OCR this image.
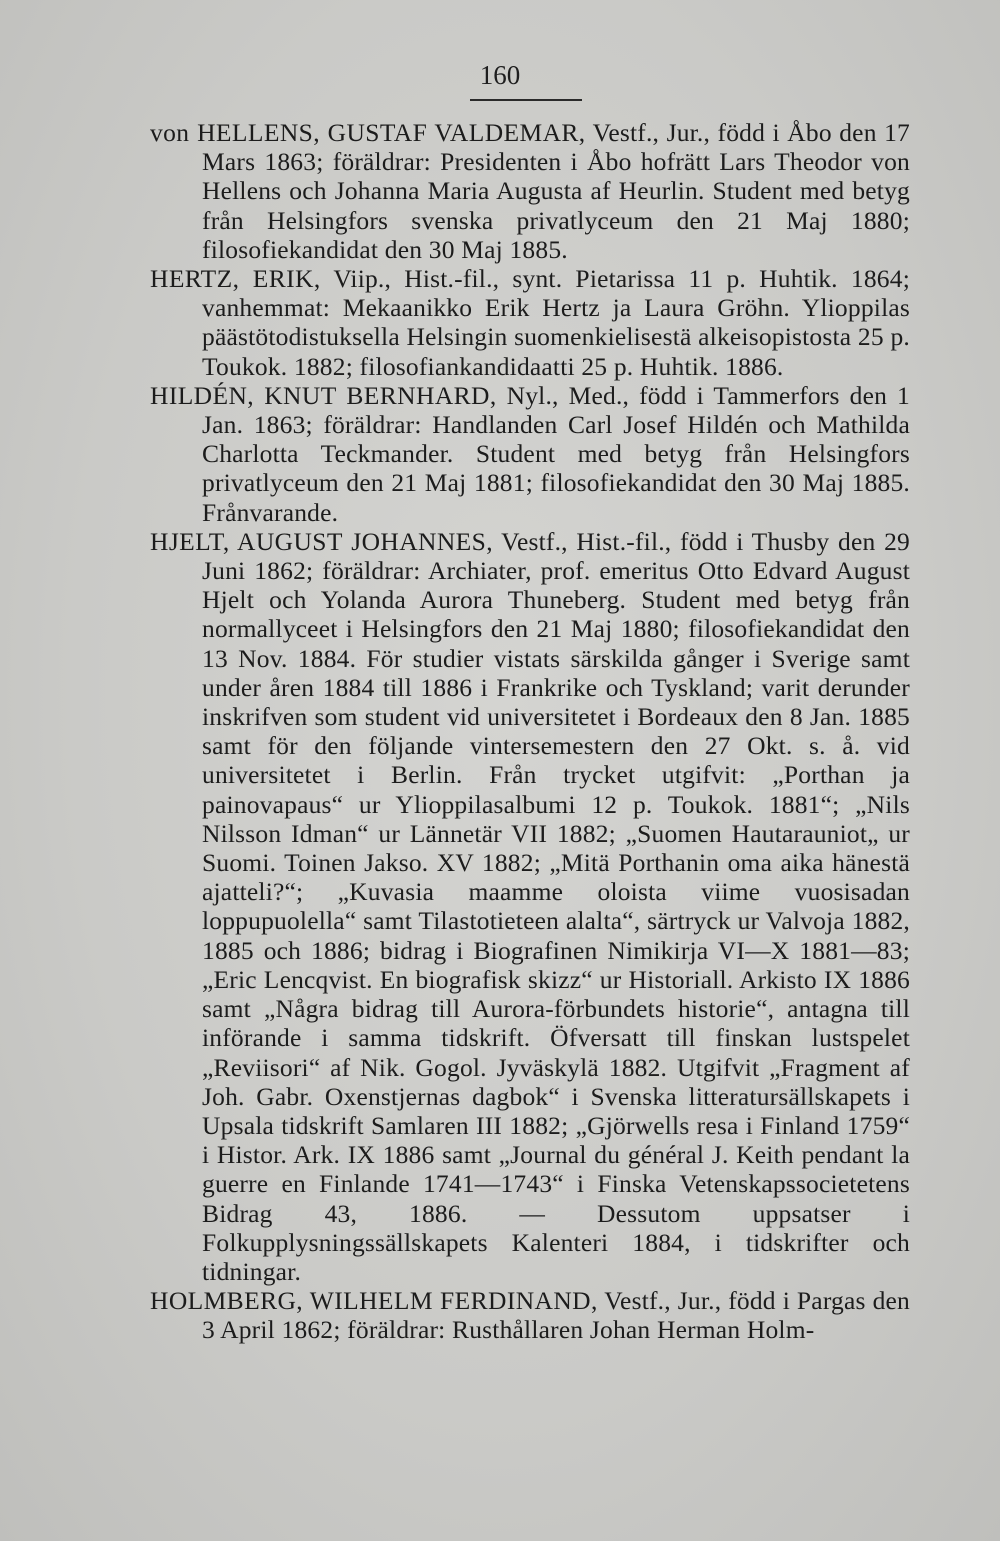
160

von HELLENS, GUSTAF VALDEMAR, Vestf., Jur., född i Åbo den 17 Mars 1863; föräldrar: Presidenten i Åbo hofrätt Lars Theodor von Hellens och Johanna Maria Augusta af Heurlin. Student med betyg från Helsingfors svenska privatlyceum den 21 Maj 1880; filosofiekandidat den 30 Maj 1885.

HERTZ, ERIK, Viip., Hist.-fil., synt. Pietarissa 11 p. Huhtik. 1864; vanhemmat: Mekaanikko Erik Hertz ja Laura Gröhn. Ylioppilas päästötodistuksella Helsingin suomenkielisestä alkeisopistosta 25 p. Toukok. 1882; filosofiankandidaatti 25 p. Huhtik. 1886.

HILDÉN, KNUT BERNHARD, Nyl., Med., född i Tammerfors den 1 Jan. 1863; föräldrar: Handlanden Carl Josef Hildén och Mathilda Charlotta Teckmander. Student med betyg från Helsingfors privatlyceum den 21 Maj 1881; filosofiekandidat den 30 Maj 1885. Frånvarande.

HJELT, AUGUST JOHANNES, Vestf., Hist.-fil., född i Thusby den 29 Juni 1862; föräldrar: Archiater, prof. emeritus Otto Edvard August Hjelt och Yolanda Aurora Thuneberg. Student med betyg från normallyceet i Helsingfors den 21 Maj 1880; filosofiekandidat den 13 Nov. 1884. För studier vistats särskilda gånger i Sverige samt under åren 1884 till 1886 i Frankrike och Tyskland; varit derunder inskrifven som student vid universitetet i Bordeaux den 8 Jan. 1885 samt för den följande vintersemestern den 27 Okt. s. å. vid universitetet i Berlin. Från trycket utgifvit: „Porthan ja painovapaus“ ur Ylioppilasalbumi 12 p. Toukok. 1881“; „Nils Nilsson Idman“ ur Lännetär VII 1882; „Suomen Hautarauniot„ ur Suomi. Toinen Jakso. XV 1882; „Mitä Porthanin oma aika hänestä ajatteli?“; „Kuvasia maamme oloista viime vuosisadan loppupuolella“ samt Tilastotieteen alalta“, särtryck ur Valvoja 1882, 1885 och 1886; bidrag i Biografinen Nimikirja VI—X 1881—83; „Eric Lencqvist. En biografisk skizz“ ur Historiall. Arkisto IX 1886 samt „Några bidrag till Aurora-förbundets historie“, antagna till införande i samma tidskrift. Öfversatt till finskan lustspelet „Reviisori“ af Nik. Gogol. Jyväskylä 1882. Utgifvit „Fragment af Joh. Gabr. Oxenstjernas dagbok“ i Svenska litteratursällskapets i Upsala tidskrift Samlaren III 1882; „Gjörwells resa i Finland 1759“ i Histor. Ark. IX 1886 samt „Journal du général J. Keith pendant la guerre en Finlande 1741—1743“ i Finska Vetenskapssocietetens Bidrag 43, 1886. — Dessutom uppsatser i Folkupplysningssällskapets Kalenteri 1884, i tidskrifter och tidningar.

HOLMBERG, WILHELM FERDINAND, Vestf., Jur., född i Pargas den 3 April 1862; föräldrar: Rusthållaren Johan Herman Holm-
